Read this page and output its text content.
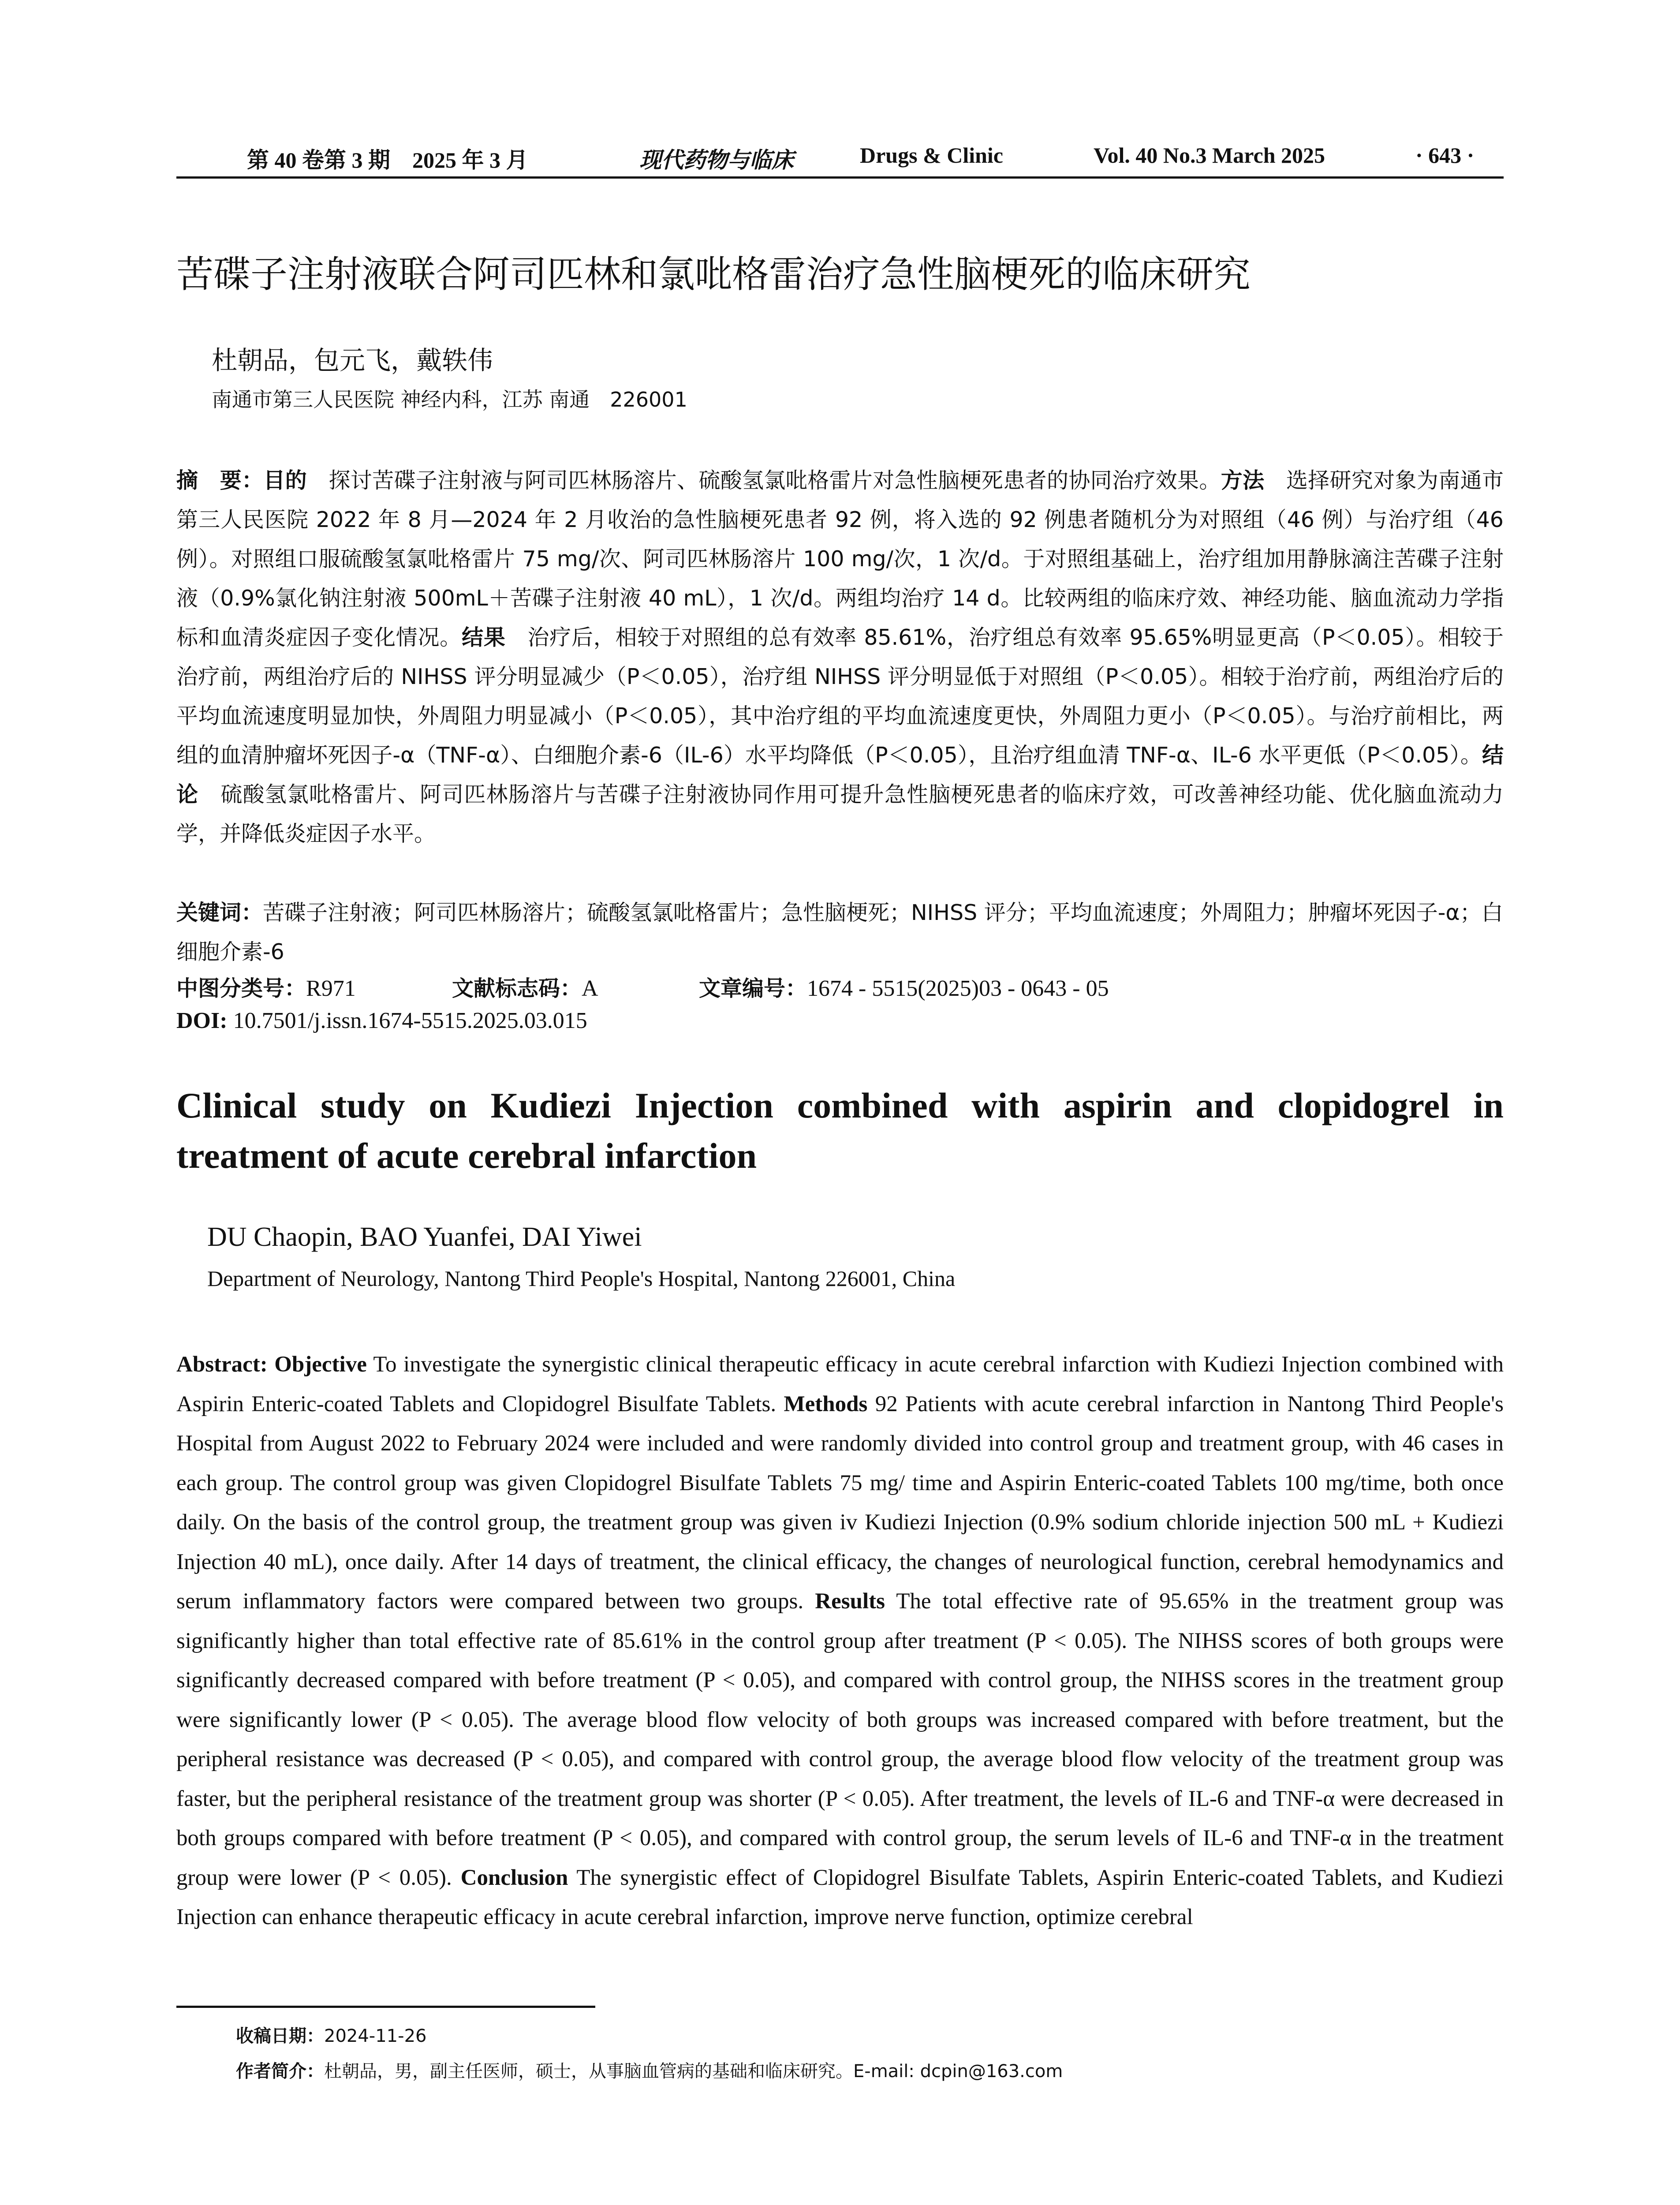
第 40 卷第 3 期　2025 年 3 月	现代药物与临床	Drugs & Clinic	Vol. 40 No.3 March 2025	· 643 ·
苦碟子注射液联合阿司匹林和氯吡格雷治疗急性脑梗死的临床研究
杜朝品，包元飞，戴轶伟
南通市第三人民医院 神经内科，江苏 南通　226001
摘　要：目的　探讨苦碟子注射液与阿司匹林肠溶片、硫酸氢氯吡格雷片对急性脑梗死患者的协同治疗效果。方法　选择研究对象为南通市第三人民医院 2022 年 8 月—2024 年 2 月收治的急性脑梗死患者 92 例，将入选的 92 例患者随机分为对照组（46 例）与治疗组（46 例）。对照组口服硫酸氢氯吡格雷片 75 mg/次、阿司匹林肠溶片 100 mg/次，1 次/d。于对照组基础上，治疗组加用静脉滴注苦碟子注射液（0.9%氯化钠注射液 500mL＋苦碟子注射液 40 mL），1 次/d。两组均治疗 14 d。比较两组的临床疗效、神经功能、脑血流动力学指标和血清炎症因子变化情况。结果　治疗后，相较于对照组的总有效率 85.61%，治疗组总有效率 95.65%明显更高（P＜0.05）。相较于治疗前，两组治疗后的 NIHSS 评分明显减少（P＜0.05），治疗组 NIHSS 评分明显低于对照组（P＜0.05）。相较于治疗前，两组治疗后的平均血流速度明显加快，外周阻力明显减小（P＜0.05），其中治疗组的平均血流速度更快，外周阻力更小（P＜0.05）。与治疗前相比，两组的血清肿瘤坏死因子-α（TNF-α）、白细胞介素-6（IL-6）水平均降低（P＜0.05），且治疗组血清 TNF-α、IL-6 水平更低（P＜0.05）。结论　硫酸氢氯吡格雷片、阿司匹林肠溶片与苦碟子注射液协同作用可提升急性脑梗死患者的临床疗效，可改善神经功能、优化脑血流动力学，并降低炎症因子水平。
关键词：苦碟子注射液；阿司匹林肠溶片；硫酸氢氯吡格雷片；急性脑梗死；NIHSS 评分；平均血流速度；外周阻力；肿瘤坏死因子-α；白细胞介素-6
中图分类号：R971	文献标志码：A	文章编号：1674 - 5515(2025)03 - 0643 - 05
DOI: 10.7501/j.issn.1674-5515.2025.03.015
Clinical study on Kudiezi Injection combined with aspirin and clopidogrel in treatment of acute cerebral infarction
DU Chaopin, BAO Yuanfei, DAI Yiwei
Department of Neurology, Nantong Third People's Hospital, Nantong 226001, China
Abstract: Objective To investigate the synergistic clinical therapeutic efficacy in acute cerebral infarction with Kudiezi Injection combined with Aspirin Enteric-coated Tablets and Clopidogrel Bisulfate Tablets. Methods 92 Patients with acute cerebral infarction in Nantong Third People's Hospital from August 2022 to February 2024 were included and were randomly divided into control group and treatment group, with 46 cases in each group. The control group was given Clopidogrel Bisulfate Tablets 75 mg/ time and Aspirin Enteric-coated Tablets 100 mg/time, both once daily. On the basis of the control group, the treatment group was given iv Kudiezi Injection (0.9% sodium chloride injection 500 mL + Kudiezi Injection 40 mL), once daily. After 14 days of treatment, the clinical efficacy, the changes of neurological function, cerebral hemodynamics and serum inflammatory factors were compared between two groups. Results The total effective rate of 95.65% in the treatment group was significantly higher than total effective rate of 85.61% in the control group after treatment (P < 0.05). The NIHSS scores of both groups were significantly decreased compared with before treatment (P < 0.05), and compared with control group, the NIHSS scores in the treatment group were significantly lower (P < 0.05). The average blood flow velocity of both groups was increased compared with before treatment, but the peripheral resistance was decreased (P < 0.05), and compared with control group, the average blood flow velocity of the treatment group was faster, but the peripheral resistance of the treatment group was shorter (P < 0.05). After treatment, the levels of IL-6 and TNF-α were decreased in both groups compared with before treatment (P < 0.05), and compared with control group, the serum levels of IL-6 and TNF-α in the treatment group were lower (P < 0.05). Conclusion The synergistic effect of Clopidogrel Bisulfate Tablets, Aspirin Enteric-coated Tablets, and Kudiezi Injection can enhance therapeutic efficacy in acute cerebral infarction, improve nerve function, optimize cerebral
收稿日期：2024-11-26
作者简介：杜朝品，男，副主任医师，硕士，从事脑血管病的基础和临床研究。E-mail: dcpin@163.com
